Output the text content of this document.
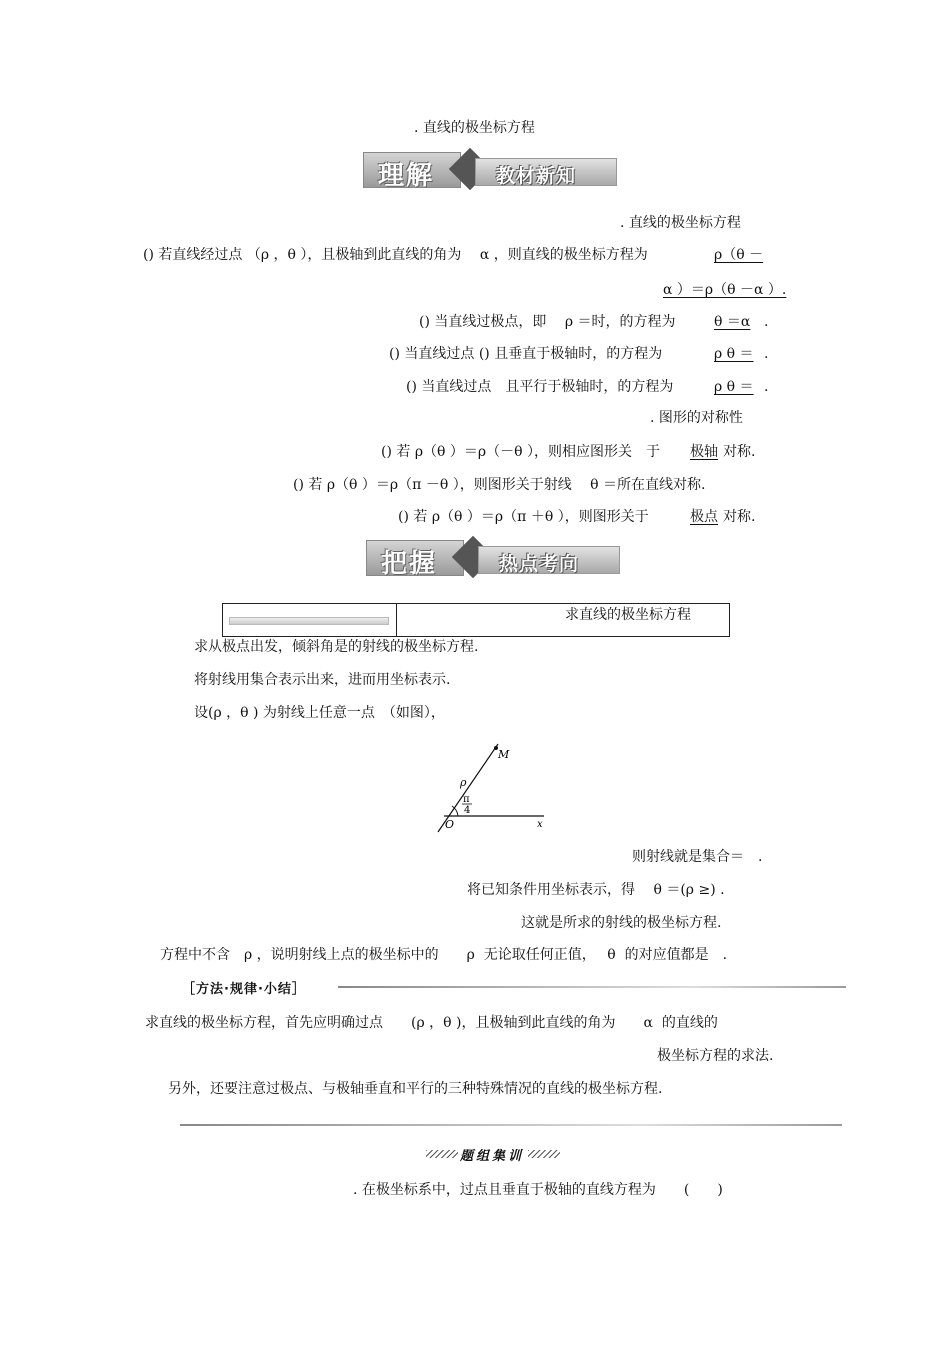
. 直线的极坐标方程
理解	教材新知
. 直线的极坐标方程
() 若直线经过点 （ρ ，θ ），且极轴到此直线的角为　 α ，则直线的极坐标方程为	ρ（θ －
α ）＝ρ（θ －α ）.
() 当直线过极点，即　 ρ ＝时，的方程为	θ ＝α .
() 当直线过点 () 且垂直于极轴时，的方程为	ρ θ ＝ .
() 当直线过点　且平行于极轴时，的方程为	ρ θ ＝ .
. 图形的对称性
() 若 ρ（θ ）＝ρ（－θ ），则相应图形关　于 极轴 对称.
() 若 ρ（θ ）＝ρ（π －θ ），则图形关于射线　 θ ＝所在直线对称.
() 若 ρ（θ ）＝ρ（π ＋θ ），则图形关于	极点 对称.
把握	热点考向
求直线的极坐标方程
求从极点出发，倾斜角是的射线的极坐标方程.
将射线用集合表示出来，进而用坐标表示.
设(ρ ，θ ) 为射线上任意一点　（如图），
M
ρ
π
4
O	x
则射线就是集合＝　.
将已知条件用坐标表示，得　 θ ＝(ρ ≥) .
这就是所求的射线的极坐标方程.
方程中不含　ρ ，说明射线上点的极坐标中的　　ρ  无论取任何正值，　 θ  的对应值都是　.
［方法·规律·小结］
求直线的极坐标方程，首先应明确过点　　(ρ ，θ )，且极轴到此直线的角为　　α  的直线的
极坐标方程的求法.
另外，还要注意过极点、与极轴垂直和平行的三种特殊情况的直线的极坐标方程.
题组集训
. 在极坐标系中，过点且垂直于极轴的直线方程为　　(　　)
